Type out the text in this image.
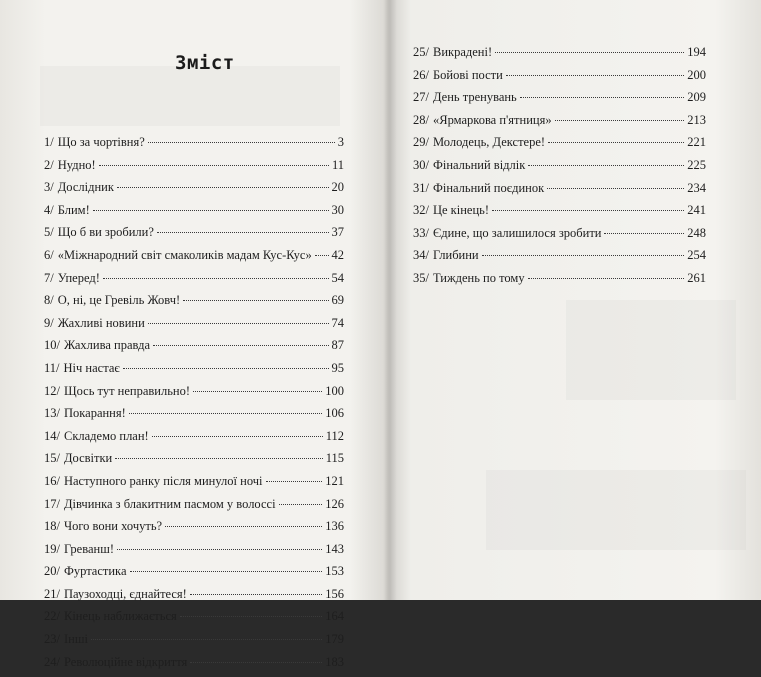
Зміст
1/ Що за чортівня?	3
2/ Нудно!	11
3/ Дослідник	20
4/ Блим!	30
5/ Що б ви зробили?	37
6/ «Міжнародний світ смаколиків мадам Кус-Кус» 42
7/ Уперед!	54
8/ О, ні, це Гревіль Жовч!	69
9/ Жахливі новини	74
10/ Жахлива правда	87
11/ Ніч настає	95
12/ Щось тут неправильно!	100
13/ Покарання!	106
14/ Складемо план!	112
15/ Досвітки	115
16/ Наступного ранку після минулої ночі	121
17/ Дівчинка з блакитним пасмом у волоссі	126
18/ Чого вони хочуть?	136
19/ Греванш!	143
20/ Фуртастика	153
21/ Паузоходці, єднайтеся!	156
22/ Кінець наближається	164
23/ Інші	179
24/ Революційне відкриття	183
25/ Викрадені!	194
26/ Бойові пости	200
27/ День тренувань	209
28/ «Ярмаркова п'ятниця»	213
29/ Молодець, Декстере!	221
30/ Фінальний відлік	225
31/ Фінальний поєдинок	234
32/ Це кінець!	241
33/ Єдине, що залишилося зробити	248
34/ Глибини	254
35/ Тиждень по тому	261
